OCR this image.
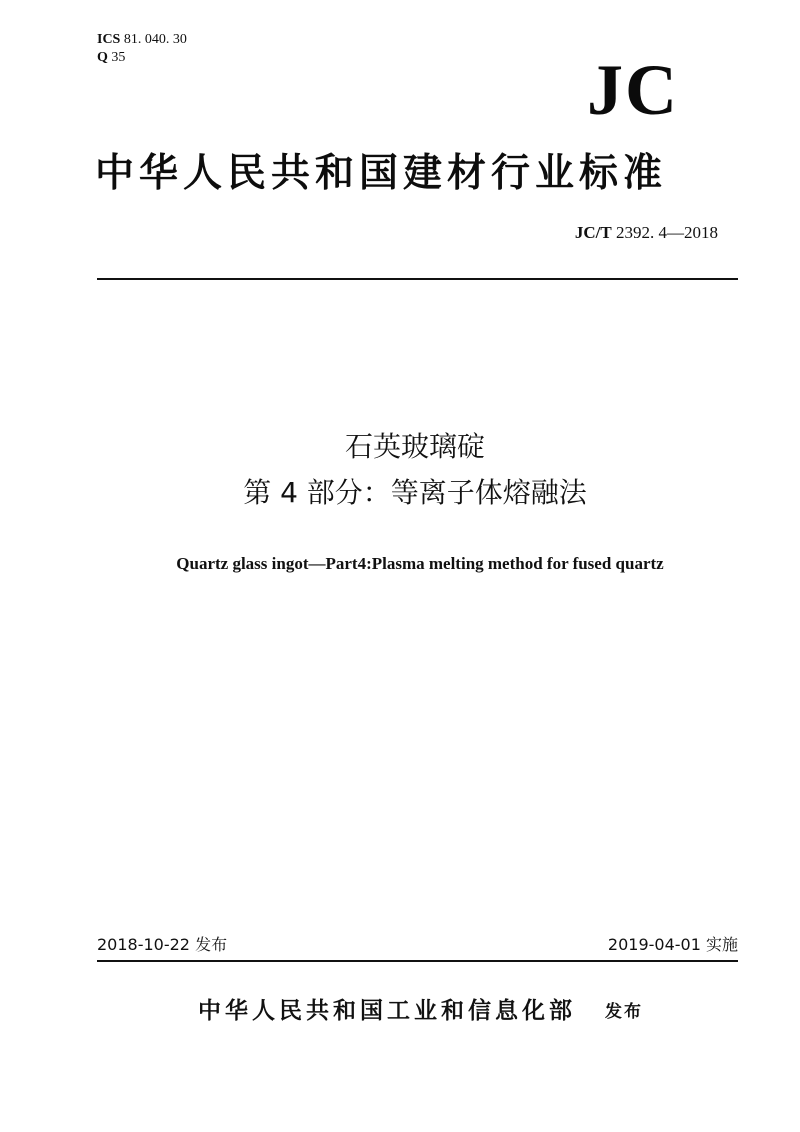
ICS 81. 040. 30
Q 35	JC
中华人民共和国建材行业标准
JC/T 2392. 4—2018
石英玻璃碇
第 4 部分：等离子体熔融法
Quartz glass ingot—Part4:Plasma melting method for fused quartz
2018-10-22 发布	2019-04-01 实施
中华人民共和国工业和信息化部 发布
